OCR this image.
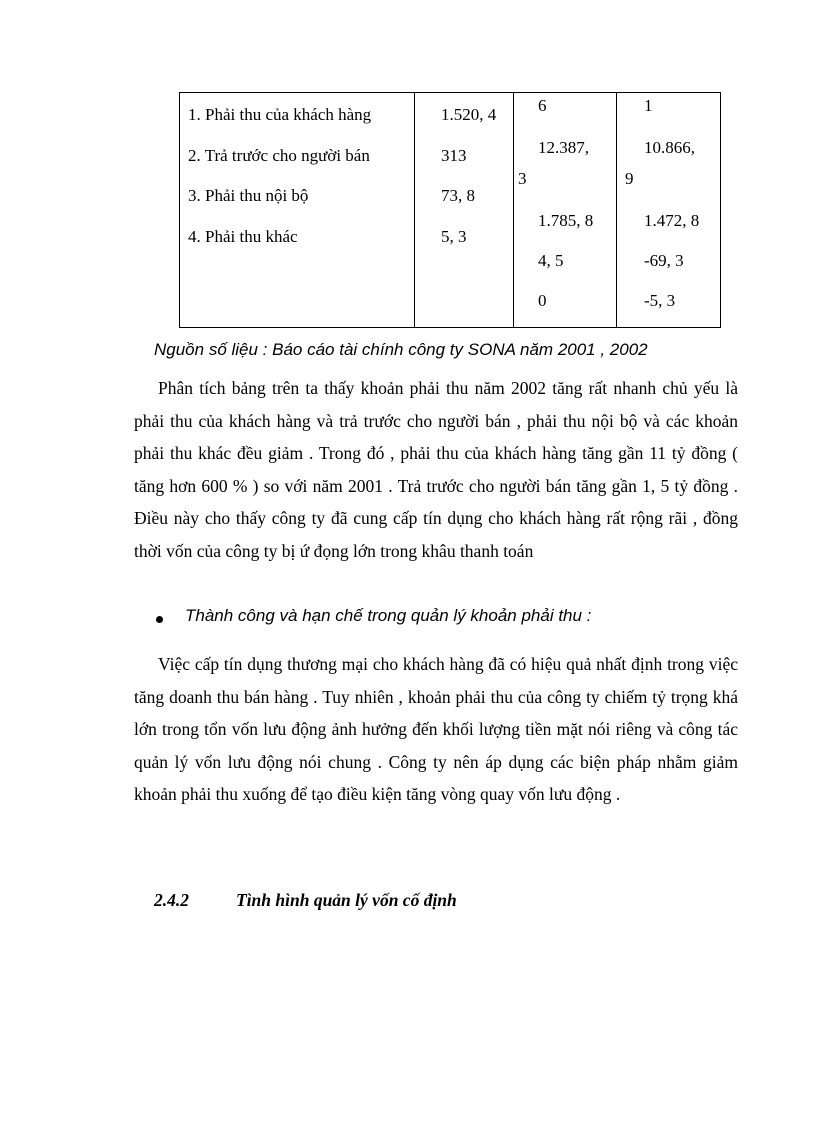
1. Phải thu của khách hàng
2. Trả trước cho người bán
3. Phải thu nội bộ
4. Phải thu khác
1.520, 4
313
73, 8
5, 3
6
12.387,
3
1.785, 8
4, 5
0
1
10.866,
9
1.472, 8
-69, 3
-5, 3
Nguồn số liệu : Báo cáo tài chính công ty SONA năm 2001 , 2002

Phân tích bảng trên ta thấy khoản phải thu năm 2002 tăng rất nhanh chủ yếu là phải thu của khách hàng và trả trước cho người bán , phải thu nội bộ và các khoản phải thu khác đều giảm . Trong đó , phải thu của khách hàng tăng gần 11 tỷ đồng ( tăng hơn 600 % ) so với năm 2001 . Trả trước cho người bán tăng gần 1, 5 tỷ đồng . Điều này cho thấy công ty đã cung cấp tín dụng cho khách hàng rất rộng rãi , đồng thời vốn của công ty bị ứ đọng lớn trong khâu thanh toán

Thành công và hạn chế trong quản lý khoản phải thu :

Việc cấp tín dụng thương mại cho khách hàng đã có hiệu quả nhất định trong việc tăng doanh thu bán hàng . Tuy nhiên , khoản phải thu của công ty chiếm tỷ trọng khá lớn trong tổn vốn lưu động ảnh hưởng đến khối lượng tiền mặt nói riêng và công tác quản lý vốn lưu động nói chung . Công ty nên áp dụng các biện pháp nhằm giảm khoản phải thu xuống để tạo điều kiện tăng vòng quay vốn lưu động .

2.4.2	Tình hình quản lý vốn cố định
